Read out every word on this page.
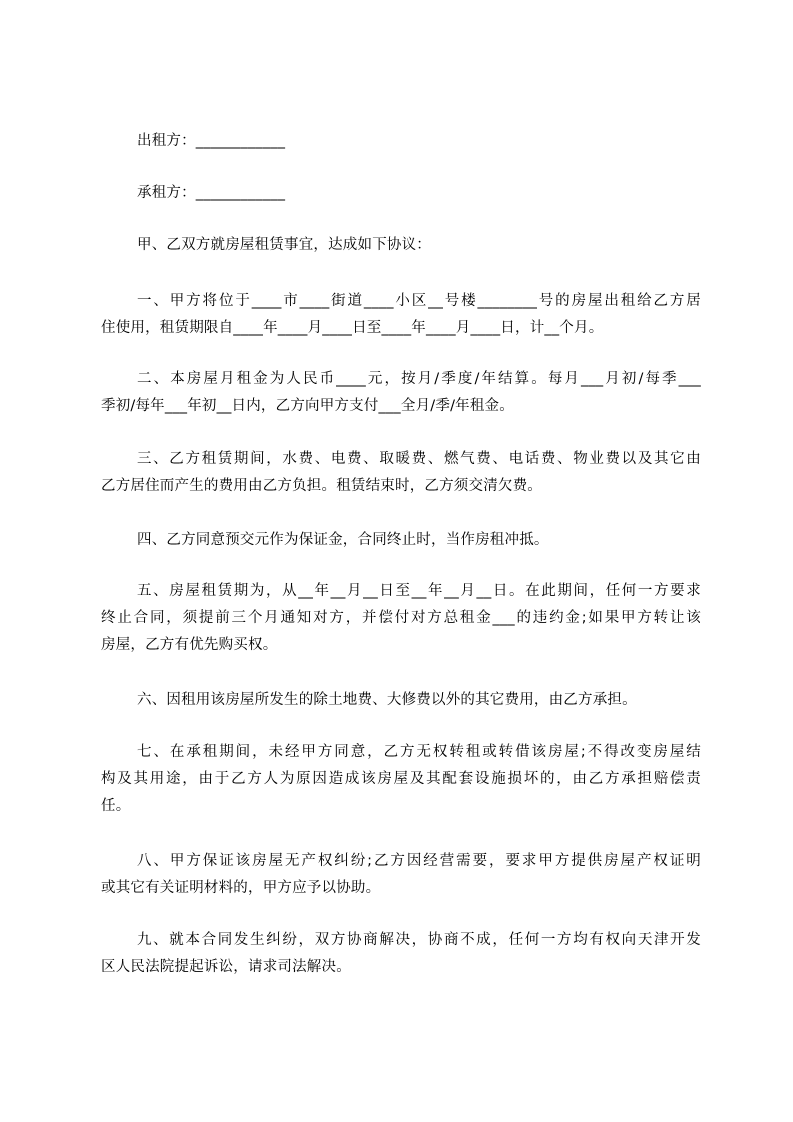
出租方：____________
承租方：____________
甲、乙双方就房屋租赁事宜，达成如下协议：
一、甲方将位于____市____街道____小区__号楼________号的房屋出租给乙方居
住使用，租赁期限自____年____月____日至____年____月____日，计__个月。
二、本房屋月租金为人民币____元，按月/季度/年结算。每月___月初/每季___
季初/每年___年初__日内，乙方向甲方支付___全月/季/年租金。
三、乙方租赁期间，水费、电费、取暖费、燃气费、电话费、物业费以及其它由
乙方居住而产生的费用由乙方负担。租赁结束时，乙方须交清欠费。
四、乙方同意预交元作为保证金，合同终止时，当作房租冲抵。
五、房屋租赁期为，从__年__月__日至__年__月__日。在此期间，任何一方要求
终止合同，须提前三个月通知对方，并偿付对方总租金___的违约金;如果甲方转让该
房屋，乙方有优先购买权。
六、因租用该房屋所发生的除土地费、大修费以外的其它费用，由乙方承担。
七、在承租期间，未经甲方同意，乙方无权转租或转借该房屋;不得改变房屋结
构及其用途，由于乙方人为原因造成该房屋及其配套设施损坏的，由乙方承担赔偿责
任。
八、甲方保证该房屋无产权纠纷;乙方因经营需要，要求甲方提供房屋产权证明
或其它有关证明材料的，甲方应予以协助。
九、就本合同发生纠纷，双方协商解决，协商不成，任何一方均有权向天津开发
区人民法院提起诉讼，请求司法解决。
